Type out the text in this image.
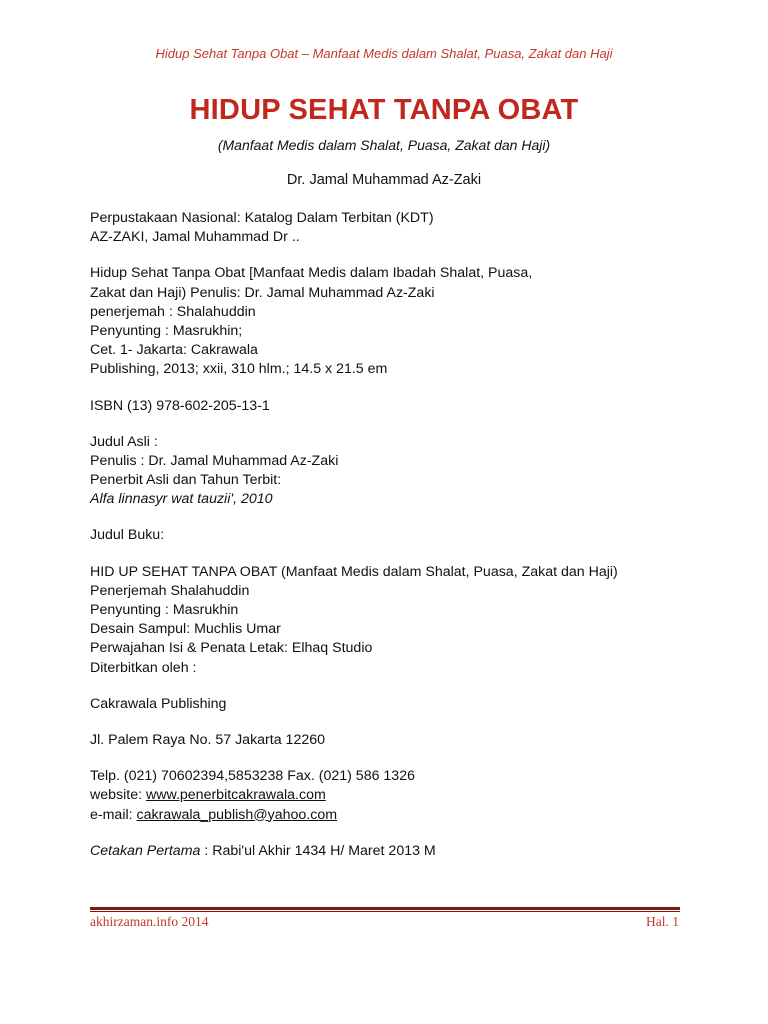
Hidup Sehat Tanpa Obat – Manfaat Medis dalam Shalat, Puasa, Zakat dan Haji
HIDUP SEHAT TANPA OBAT
(Manfaat Medis dalam Shalat, Puasa, Zakat dan Haji)
Dr. Jamal Muhammad Az-Zaki
Perpustakaan Nasional: Katalog Dalam Terbitan (KDT)
AZ-ZAKI, Jamal Muhammad Dr ..
Hidup Sehat Tanpa Obat [Manfaat Medis dalam Ibadah Shalat, Puasa,
Zakat dan Haji) Penulis: Dr. Jamal Muhammad Az-Zaki
penerjemah : Shalahuddin
Penyunting : Masrukhin;
Cet. 1- Jakarta: Cakrawala
Publishing, 2013; xxii, 310 hlm.; 14.5 x 21.5 em
ISBN (13) 978-602-205-13-1
Judul Asli :
Penulis : Dr. Jamal Muhammad Az-Zaki
Penerbit Asli dan Tahun Terbit:
Alfa linnasyr wat tauzii', 2010
Judul Buku:
HID UP SEHAT TANPA OBAT (Manfaat Medis dalam Shalat, Puasa, Zakat dan Haji)
Penerjemah Shalahuddin
Penyunting : Masrukhin
Desain Sampul: Muchlis Umar
Perwajahan Isi & Penata Letak: Elhaq Studio
Diterbitkan oleh :
Cakrawala Publishing
Jl. Palem Raya No. 57 Jakarta 12260
Telp. (021) 70602394,5853238 Fax. (021) 586 1326
website: www.penerbitcakrawala.com
e-mail: cakrawala_publish@yahoo.com
Cetakan Pertama : Rabi'ul Akhir 1434 H/ Maret 2013 M
akhirzaman.info 2014	Hal. 1
